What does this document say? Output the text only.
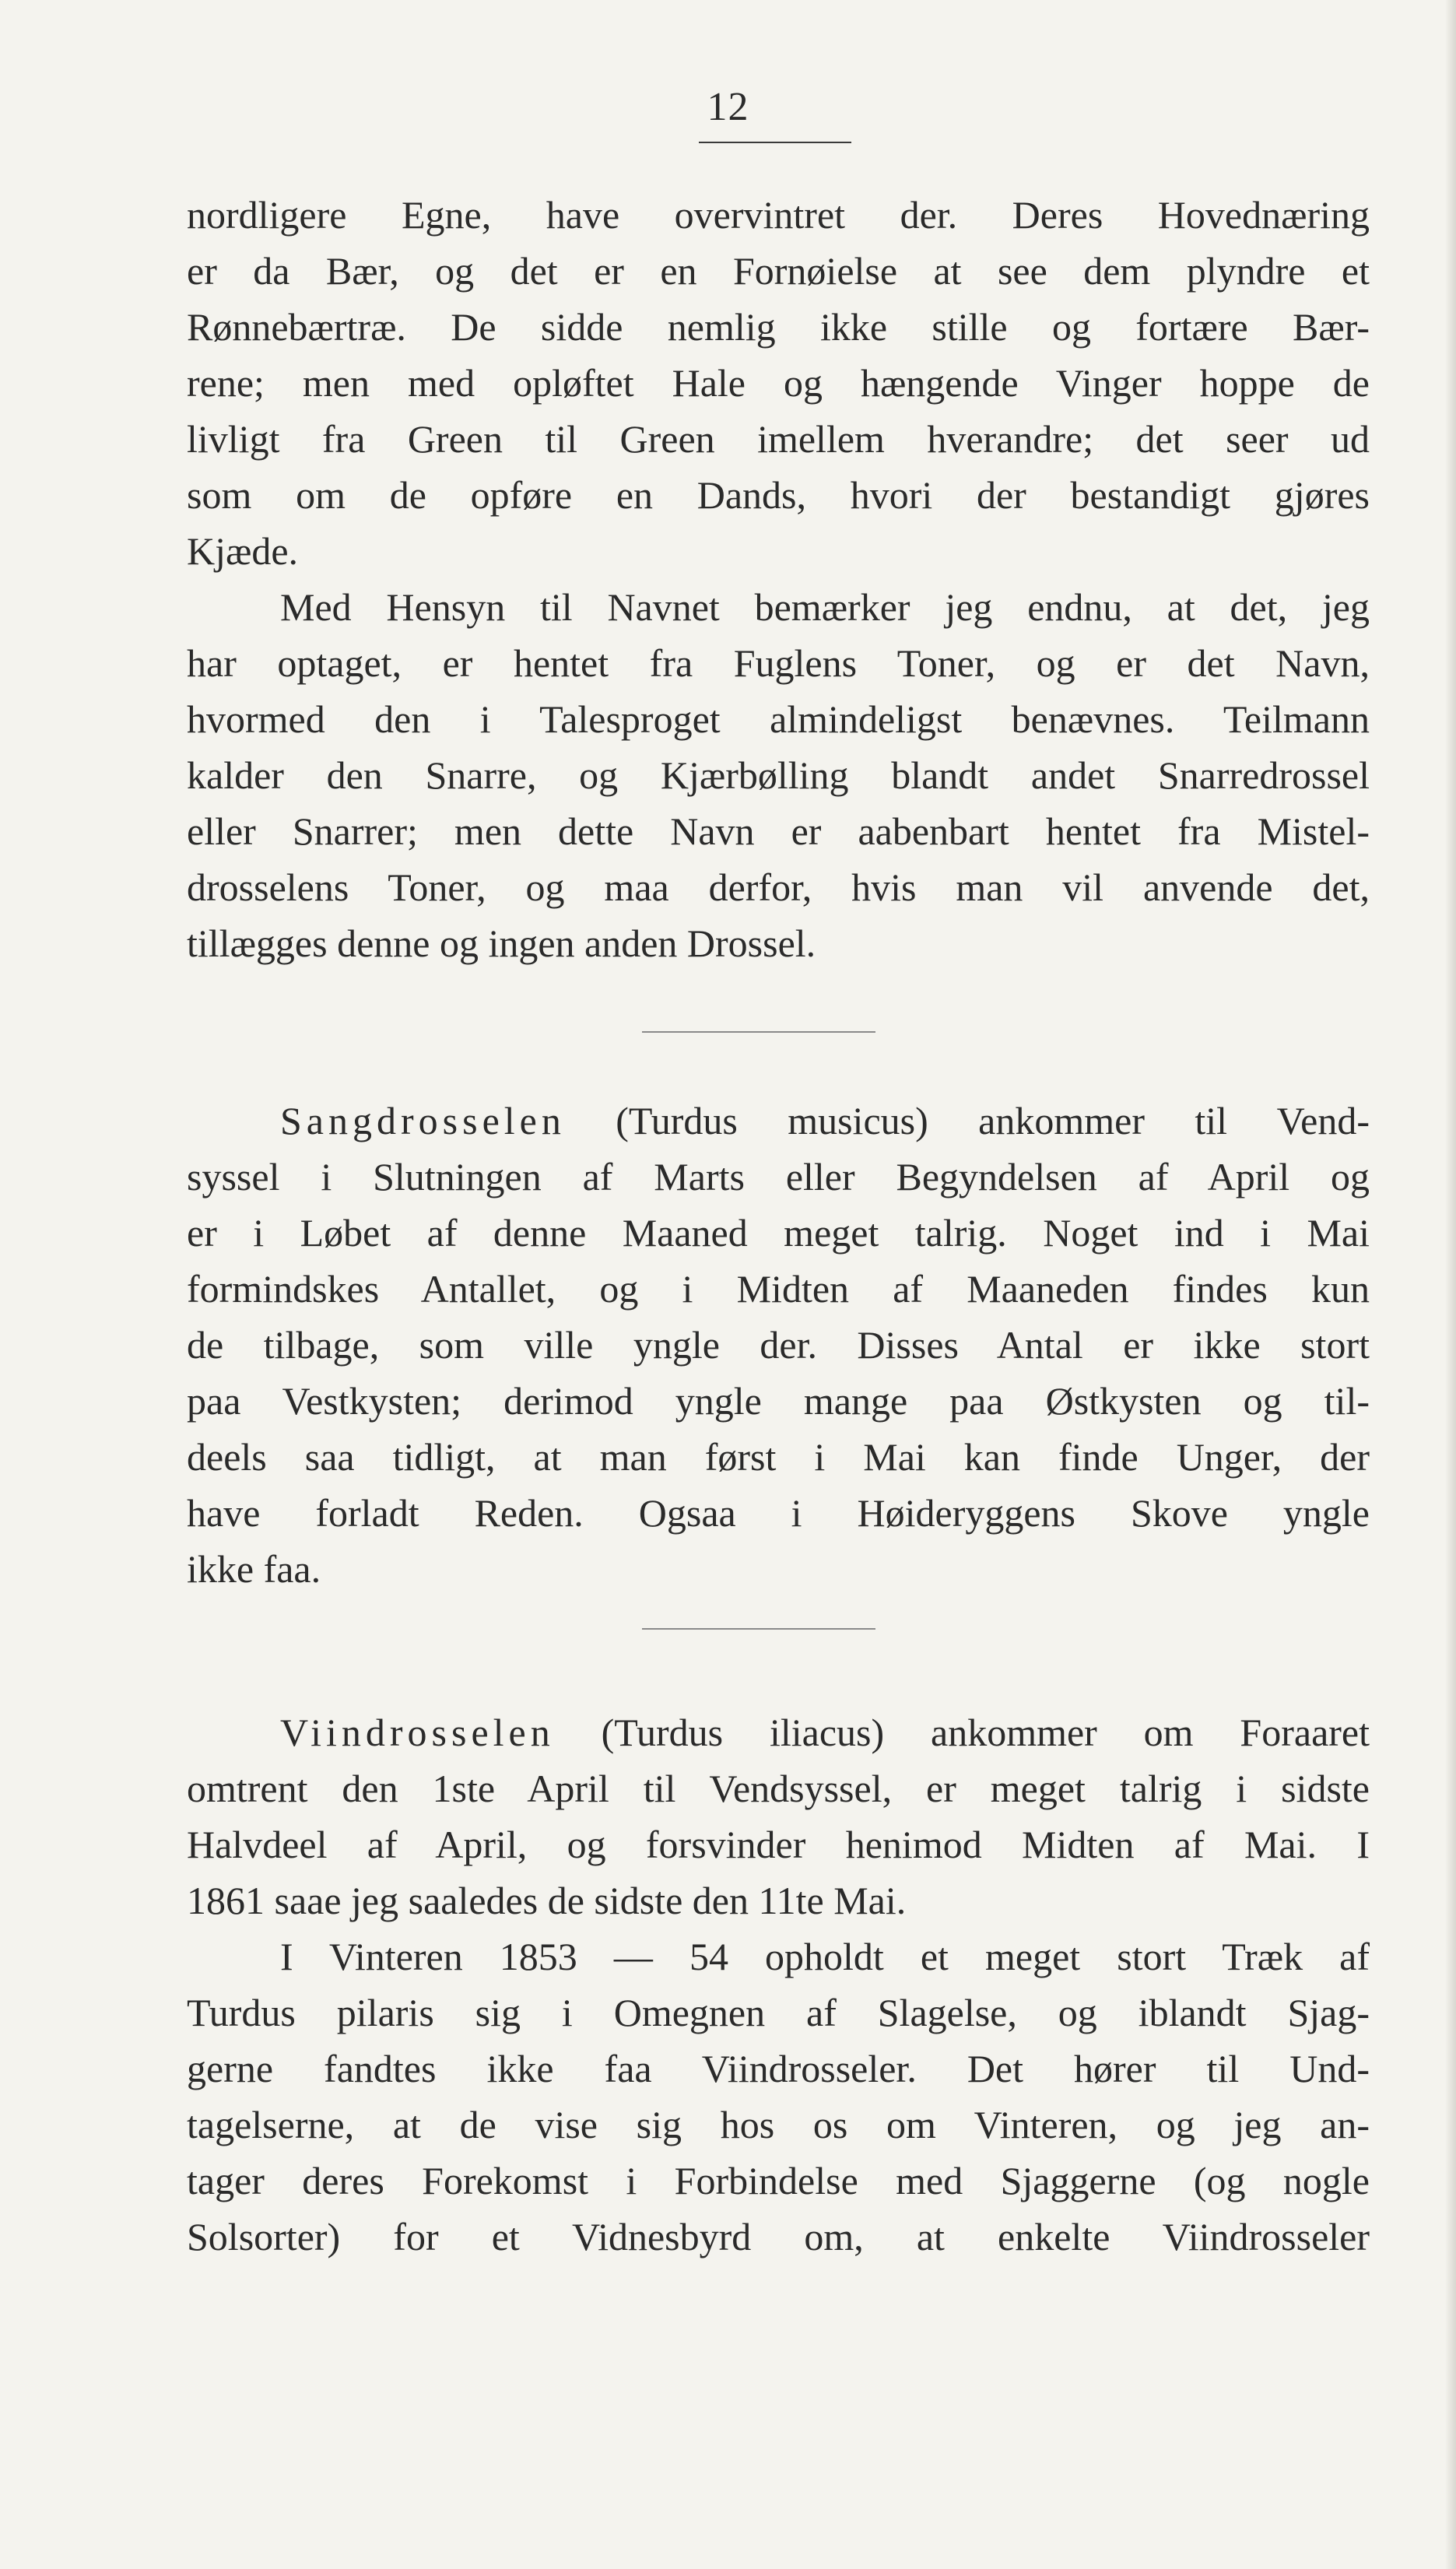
12
nordligere Egne, have overvintret der. Deres Hovednæring
er da Bær, og det er en Fornøielse at see dem plyndre et
Rønnebærtræ. De sidde nemlig ikke stille og fortære Bær-
rene; men med opløftet Hale og hængende Vinger hoppe de
livligt fra Green til Green imellem hverandre; det seer ud
som om de opføre en Dands, hvori der bestandigt gjøres
Kjæde.
Med Hensyn til Navnet bemærker jeg endnu, at det, jeg
har optaget, er hentet fra Fuglens Toner, og er det Navn,
hvormed den i Talesproget almindeligst benævnes. Teilmann
kalder den Snarre, og Kjærbølling blandt andet Snarredrossel
eller Snarrer; men dette Navn er aabenbart hentet fra Mistel-
drosselens Toner, og maa derfor, hvis man vil anvende det,
tillægges denne og ingen anden Drossel.
Sangdrosselen (Turdus musicus) ankommer til Vend-
syssel i Slutningen af Marts eller Begyndelsen af April og
er i Løbet af denne Maaned meget talrig. Noget ind i Mai
formindskes Antallet, og i Midten af Maaneden findes kun
de tilbage, som ville yngle der. Disses Antal er ikke stort
paa Vestkysten; derimod yngle mange paa Østkysten og til-
deels saa tidligt, at man først i Mai kan finde Unger, der
have forladt Reden. Ogsaa i Høideryggens Skove yngle
ikke faa.
Viindrosselen (Turdus iliacus) ankommer om Foraaret
omtrent den 1ste April til Vendsyssel, er meget talrig i sidste
Halvdeel af April, og forsvinder henimod Midten af Mai. I
1861 saae jeg saaledes de sidste den 11te Mai.
I Vinteren 1853 — 54 opholdt et meget stort Træk af
Turdus pilaris sig i Omegnen af Slagelse, og iblandt Sjag-
gerne fandtes ikke faa Viindrosseler. Det hører til Und-
tagelserne, at de vise sig hos os om Vinteren, og jeg an-
tager deres Forekomst i Forbindelse med Sjaggerne (og nogle
Solsorter) for et Vidnesbyrd om, at enkelte Viindrosseler
